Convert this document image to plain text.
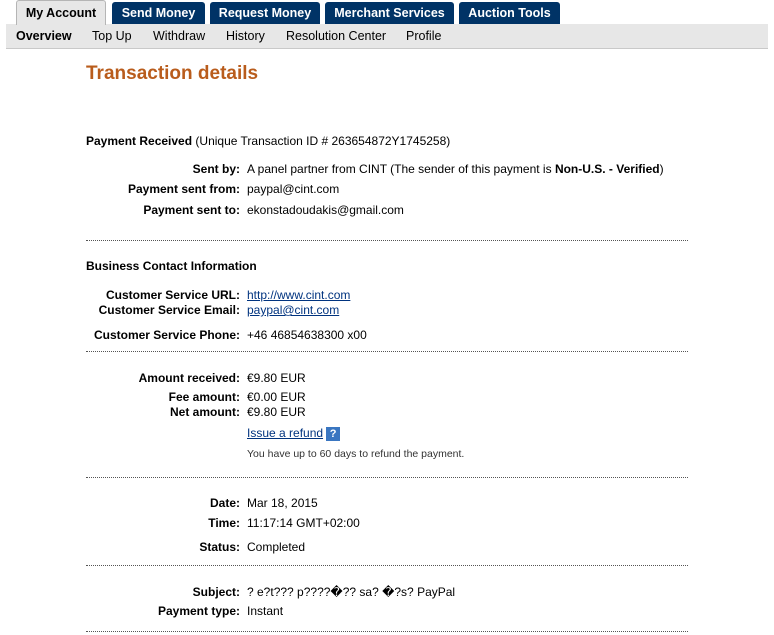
My Account	Send Money	Request Money	Merchant Services	Auction Tools
Overview Top Up Withdraw History Resolution Center Profile
Transaction details
Payment Received (Unique Transaction ID # 263654872Y1745258)
Sent by: A panel partner from CINT (The sender of this payment is Non-U.S. - Verified)
Payment sent from: paypal@cint.com
Payment sent to: ekonstadoudakis@gmail.com
Business Contact Information
Customer Service URL: http://www.cint.com
Customer Service Email: paypal@cint.com
Customer Service Phone: +46 46854638300 x00
Amount received: €9.80 EUR
Fee amount: €0.00 EUR
Net amount: €9.80 EUR
Issue a refund ?
You have up to 60 days to refund the payment.
Date: Mar 18, 2015
Time: 11:17:14 GMT+02:00
Status: Completed
Subject: ? e?t??? p????�?? sa? �?s? PayPal
Payment type: Instant
